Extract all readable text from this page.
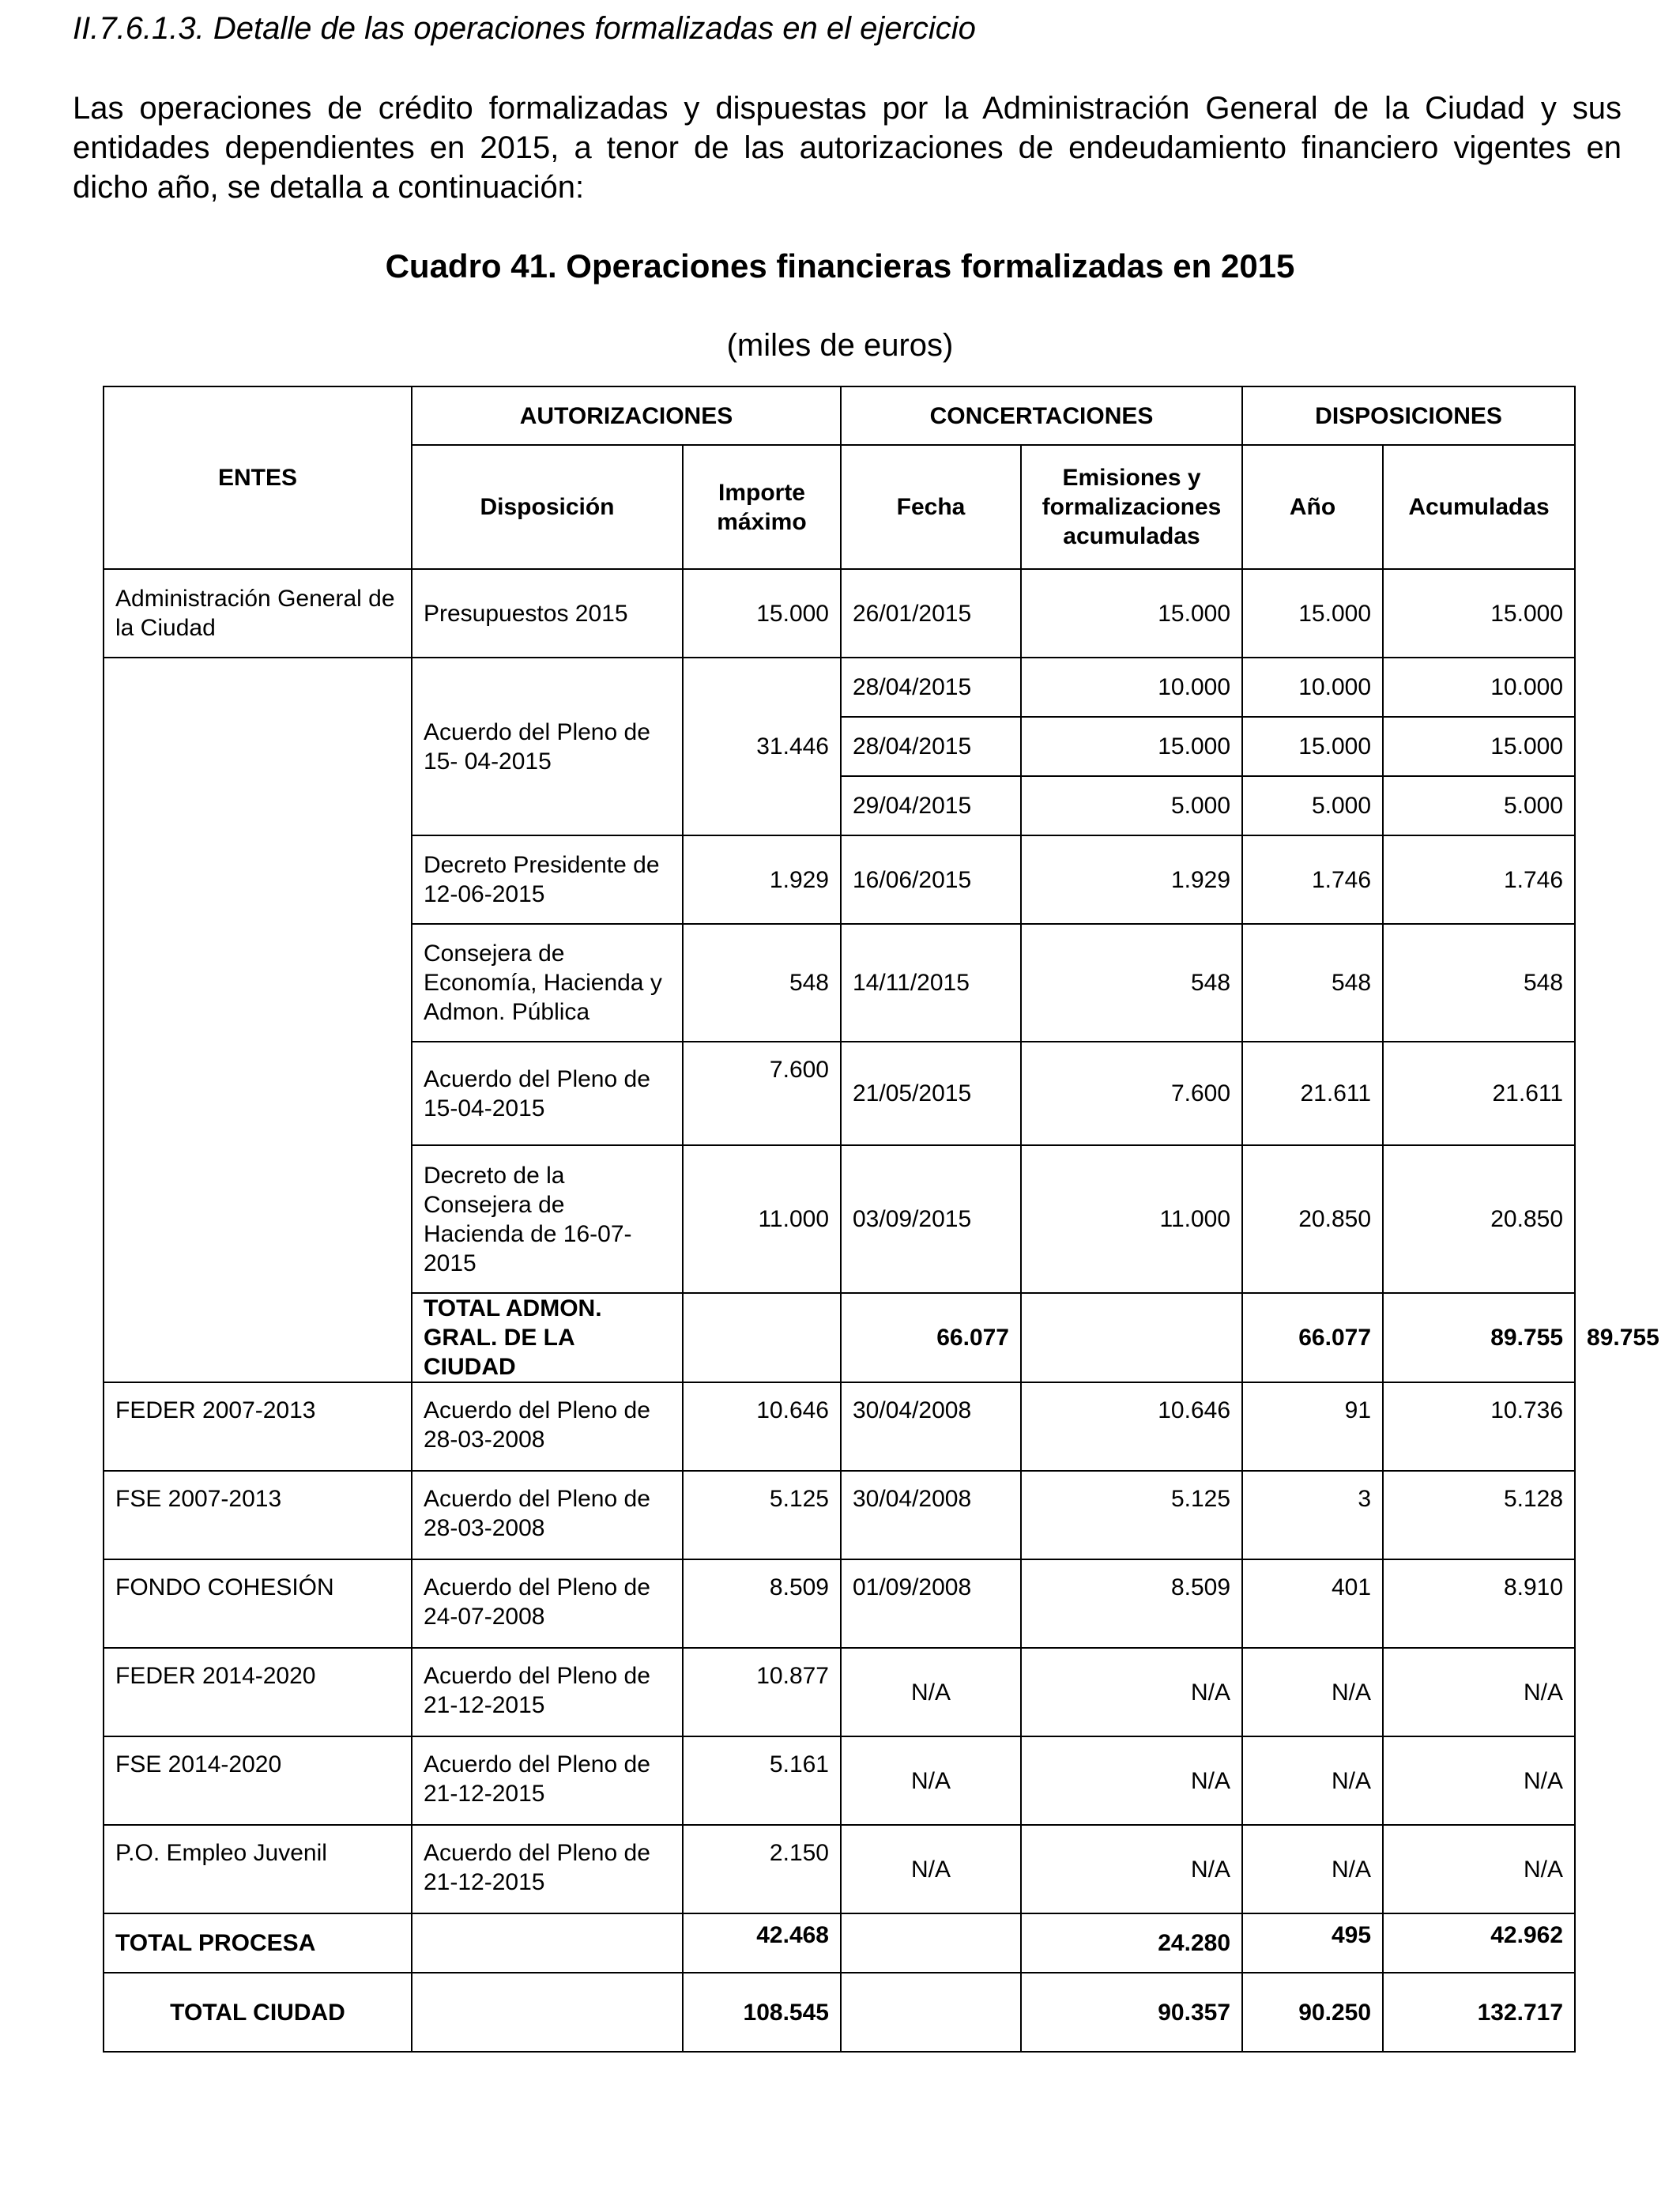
II.7.6.1.3. Detalle de las operaciones formalizadas en el ejercicio
Las operaciones de crédito formalizadas y dispuestas por la Administración General de la Ciudad y sus entidades dependientes en 2015, a tenor de las autorizaciones de endeudamiento financiero vigentes en dicho año, se detalla a continuación:
Cuadro 41. Operaciones financieras formalizadas en 2015
(miles de euros)
ENTES	AUTORIZACIONES		CONCERTACIONES		DISPOSICIONES		
	Disposición	Importe máximo	Fecha	Emisiones y formalizaciones acumuladas	Año	Acumuladas	
Administración General de la Ciudad	Presupuestos 2015	15.000	26/01/2015	15.000	15.000	15.000	
	Acuerdo del Pleno de 15- 04-2015	31.446	28/04/2015	10.000	10.000	10.000	
			28/04/2015	15.000	15.000	15.000	
			29/04/2015	5.000	5.000	5.000	
	Decreto Presidente de 12-06-2015	1.929	16/06/2015	1.929	1.746	1.746	
	Consejera de Economía, Hacienda y Admon. Pública	548	14/11/2015	548	548	548	
	Acuerdo del Pleno de 15-04-2015	7.600	21/05/2015	7.600	21.611	21.611	
	Decreto de la Consejera de Hacienda de 16-07-2015	11.000	03/09/2015	11.000	20.850	20.850	
	TOTAL ADMON. GRAL. DE LA CIUDAD		66.077		66.077	89.755	89.755
FEDER 2007-2013	Acuerdo del Pleno de 28-03-2008	10.646	30/04/2008	10.646	91	10.736	
FSE 2007-2013	Acuerdo del Pleno de 28-03-2008	5.125	30/04/2008	5.125	3	5.128	
FONDO COHESIÓN	Acuerdo del Pleno de 24-07-2008	8.509	01/09/2008	8.509	401	8.910	
FEDER 2014-2020	Acuerdo del Pleno de 21-12-2015	10.877	N/A	N/A	N/A	N/A	
FSE 2014-2020	Acuerdo del Pleno de 21-12-2015	5.161	N/A	N/A	N/A	N/A	
P.O. Empleo Juvenil	Acuerdo del Pleno de 21-12-2015	2.150	N/A	N/A	N/A	N/A	
TOTAL PROCESA		42.468		24.280	495	42.962	
TOTAL CIUDAD		108.545		90.357	90.250	132.717	
